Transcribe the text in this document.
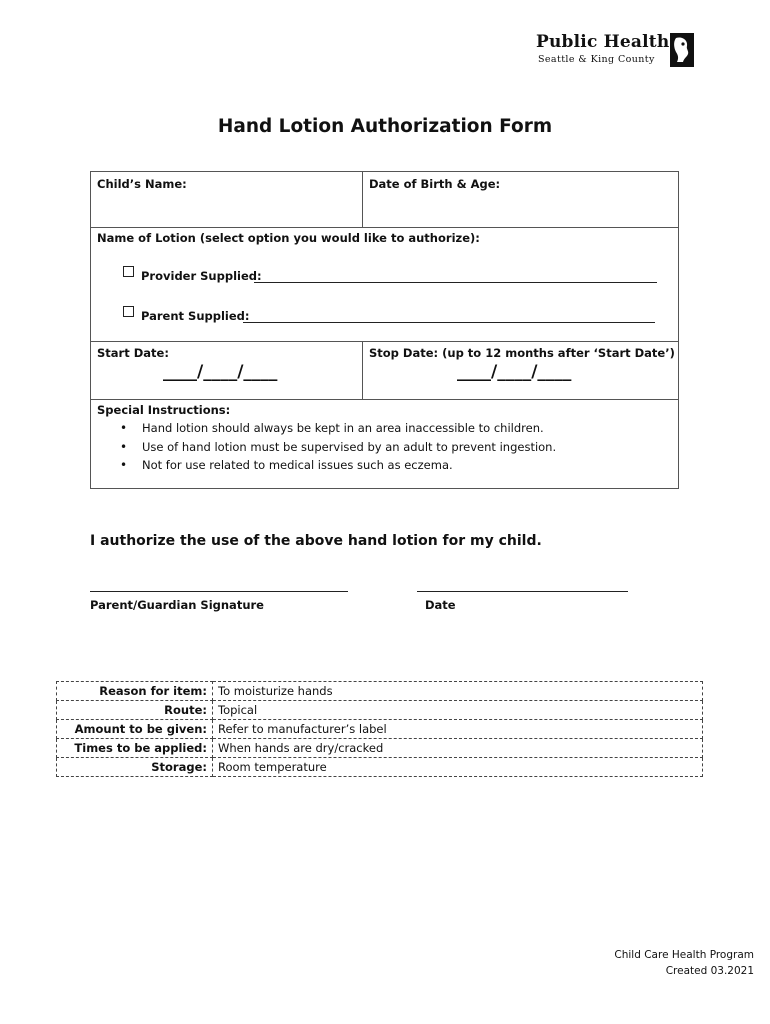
Public Health
Seattle & King County
Hand Lotion Authorization Form
Child’s Name:	Date of Birth & Age:
Name of Lotion (select option you would like to authorize):
Provider Supplied:
Parent Supplied:
Start Date:
____/____/____
Stop Date: (up to 12 months after ‘Start Date’)
____/____/____
Special Instructions:
• Hand lotion should always be kept in an area inaccessible to children.
• Use of hand lotion must be supervised by an adult to prevent ingestion.
• Not for use related to medical issues such as eczema.
I authorize the use of the above hand lotion for my child.
Parent/Guardian Signature	Date
Reason for item:	To moisturize hands
Route:	Topical
Amount to be given:	Refer to manufacturer’s label
Times to be applied:	When hands are dry/cracked
Storage:	Room temperature
Child Care Health Program
Created 03.2021
